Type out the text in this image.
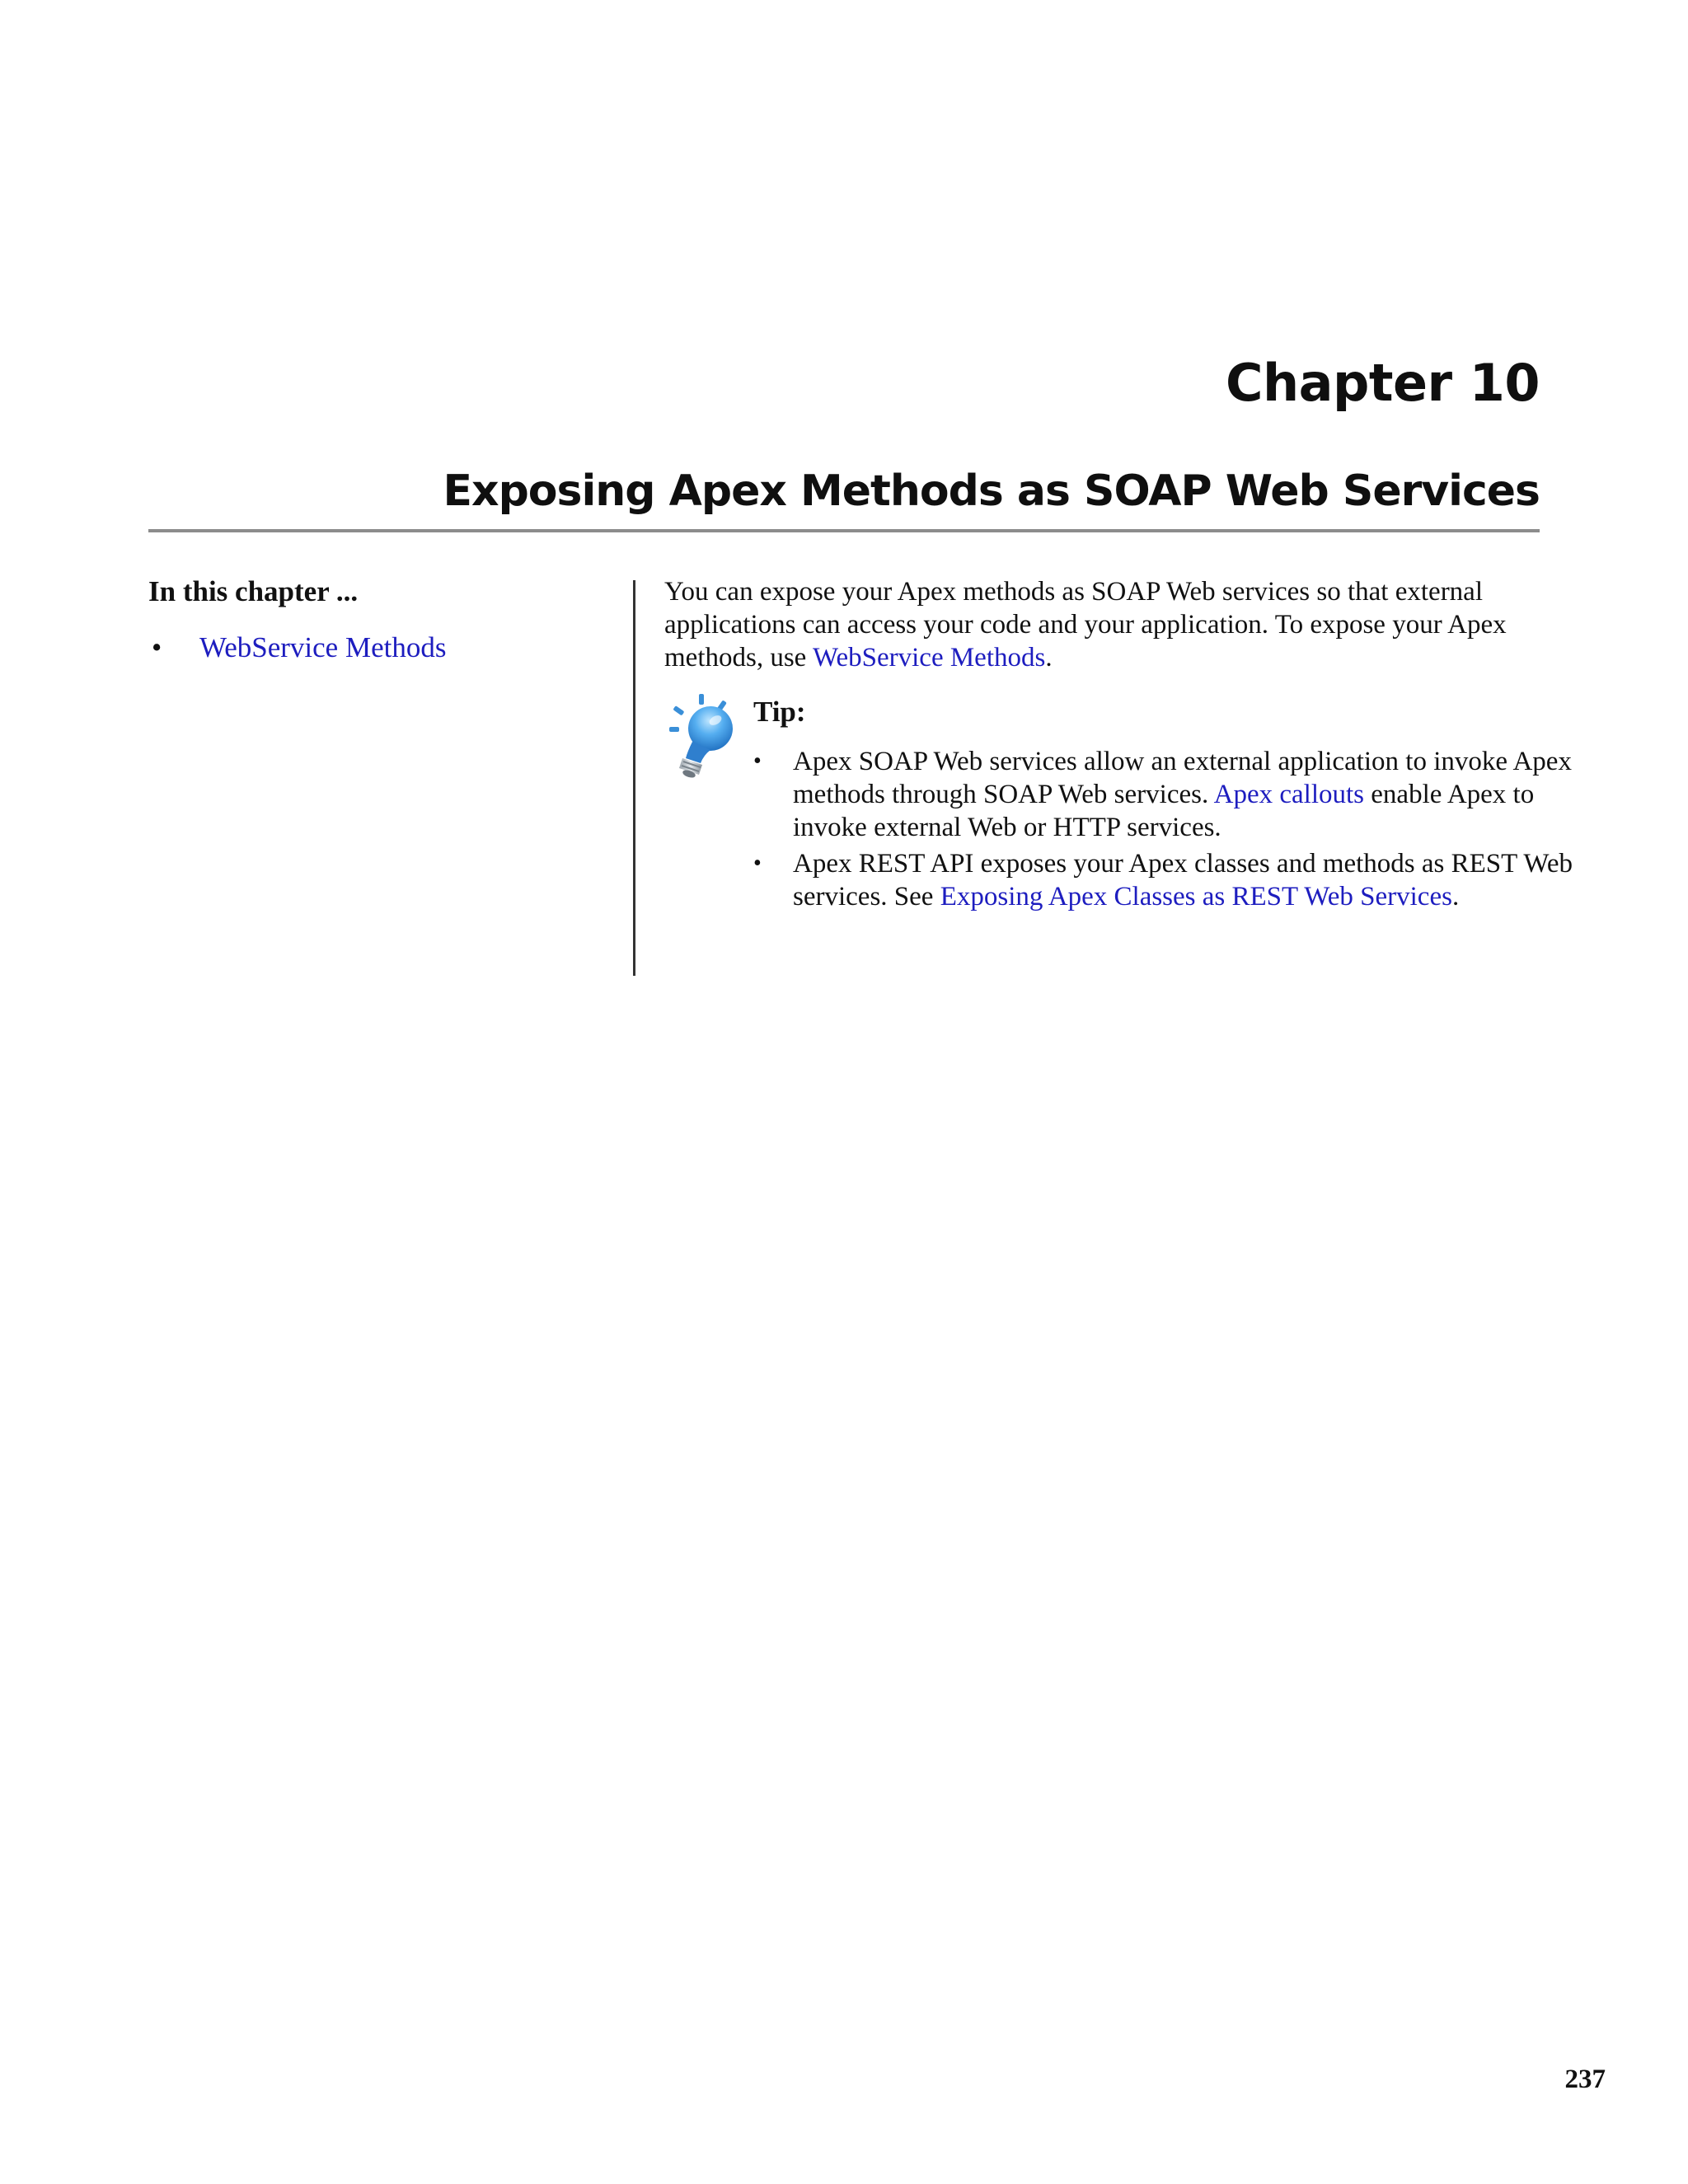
Chapter 10
Exposing Apex Methods as SOAP Web Services
In this chapter ...
• WebService Methods

You can expose your Apex methods as SOAP Web services so that external applications can access your code and your application. To expose your Apex methods, use WebService Methods.

Tip:
• Apex SOAP Web services allow an external application to invoke Apex methods through SOAP Web services. Apex callouts enable Apex to invoke external Web or HTTP services.
• Apex REST API exposes your Apex classes and methods as REST Web services. See Exposing Apex Classes as REST Web Services.
237
